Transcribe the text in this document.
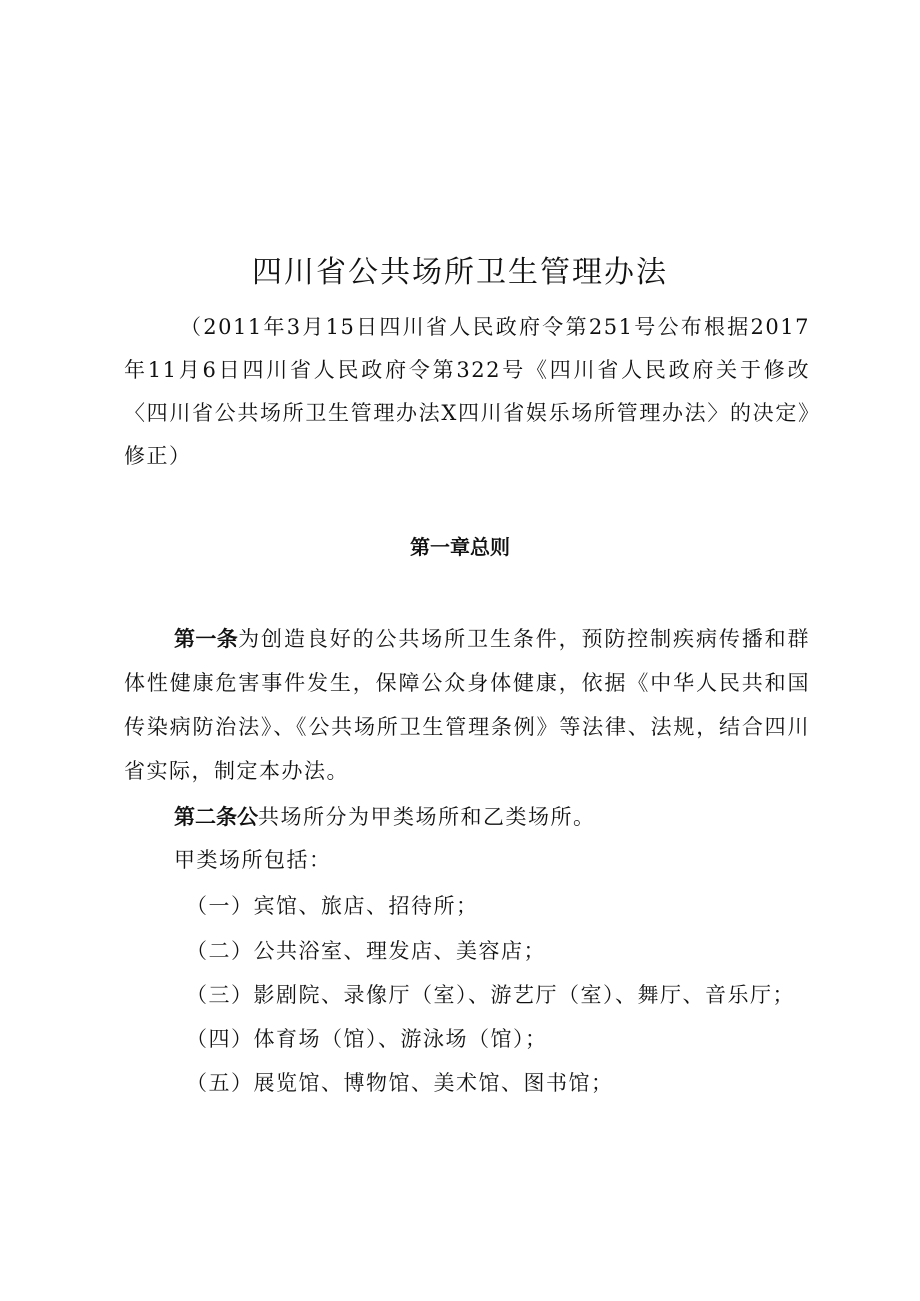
四川省公共场所卫生管理办法

（2011年3月15日四川省人民政府令第251号公布根据2017年11月6日四川省人民政府令第322号《四川省人民政府关于修改〈四川省公共场所卫生管理办法X四川省娱乐场所管理办法〉的决定》修正）

第一章总则

第一条为创造良好的公共场所卫生条件，预防控制疾病传播和群体性健康危害事件发生，保障公众身体健康，依据《中华人民共和国传染病防治法》、《公共场所卫生管理条例》等法律、法规，结合四川省实际，制定本办法。

第二条公共场所分为甲类场所和乙类场所。

甲类场所包括：

（一）宾馆、旅店、招待所；

（二）公共浴室、理发店、美容店；

（三）影剧院、录像厅（室）、游艺厅（室）、舞厅、音乐厅；

（四）体育场（馆）、游泳场（馆）；

（五）展览馆、博物馆、美术馆、图书馆；
